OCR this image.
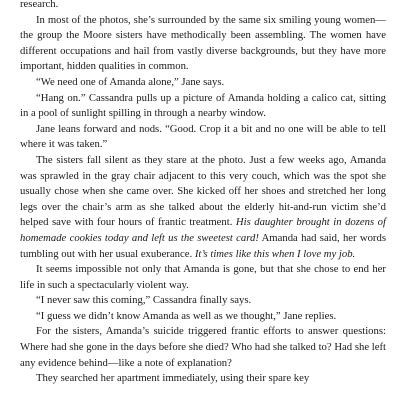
research.

In most of the photos, she’s surrounded by the same six smiling young women—the group the Moore sisters have methodically been assembling. The women have different occupations and hail from vastly diverse backgrounds, but they have more important, hidden qualities in common.

“We need one of Amanda alone,” Jane says.

“Hang on.” Cassandra pulls up a picture of Amanda holding a calico cat, sitting in a pool of sunlight spilling in through a nearby window.

Jane leans forward and nods. “Good. Crop it a bit and no one will be able to tell where it was taken.”

The sisters fall silent as they stare at the photo. Just a few weeks ago, Amanda was sprawled in the gray chair adjacent to this very couch, which was the spot she usually chose when she came over. She kicked off her shoes and stretched her long legs over the chair’s arm as she talked about the elderly hit-and-run victim she’d helped save with four hours of frantic treatment. His daughter brought in dozens of homemade cookies today and left us the sweetest card! Amanda had said, her words tumbling out with her usual exuberance. It’s times like this when I love my job.

It seems impossible not only that Amanda is gone, but that she chose to end her life in such a spectacularly violent way.

“I never saw this coming,” Cassandra finally says.

“I guess we didn’t know Amanda as well as we thought,” Jane replies.

For the sisters, Amanda’s suicide triggered frantic efforts to answer questions: Where had she gone in the days before she died? Who had she talked to? Had she left any evidence behind—like a note of explanation?

They searched her apartment immediately, using their spare key
